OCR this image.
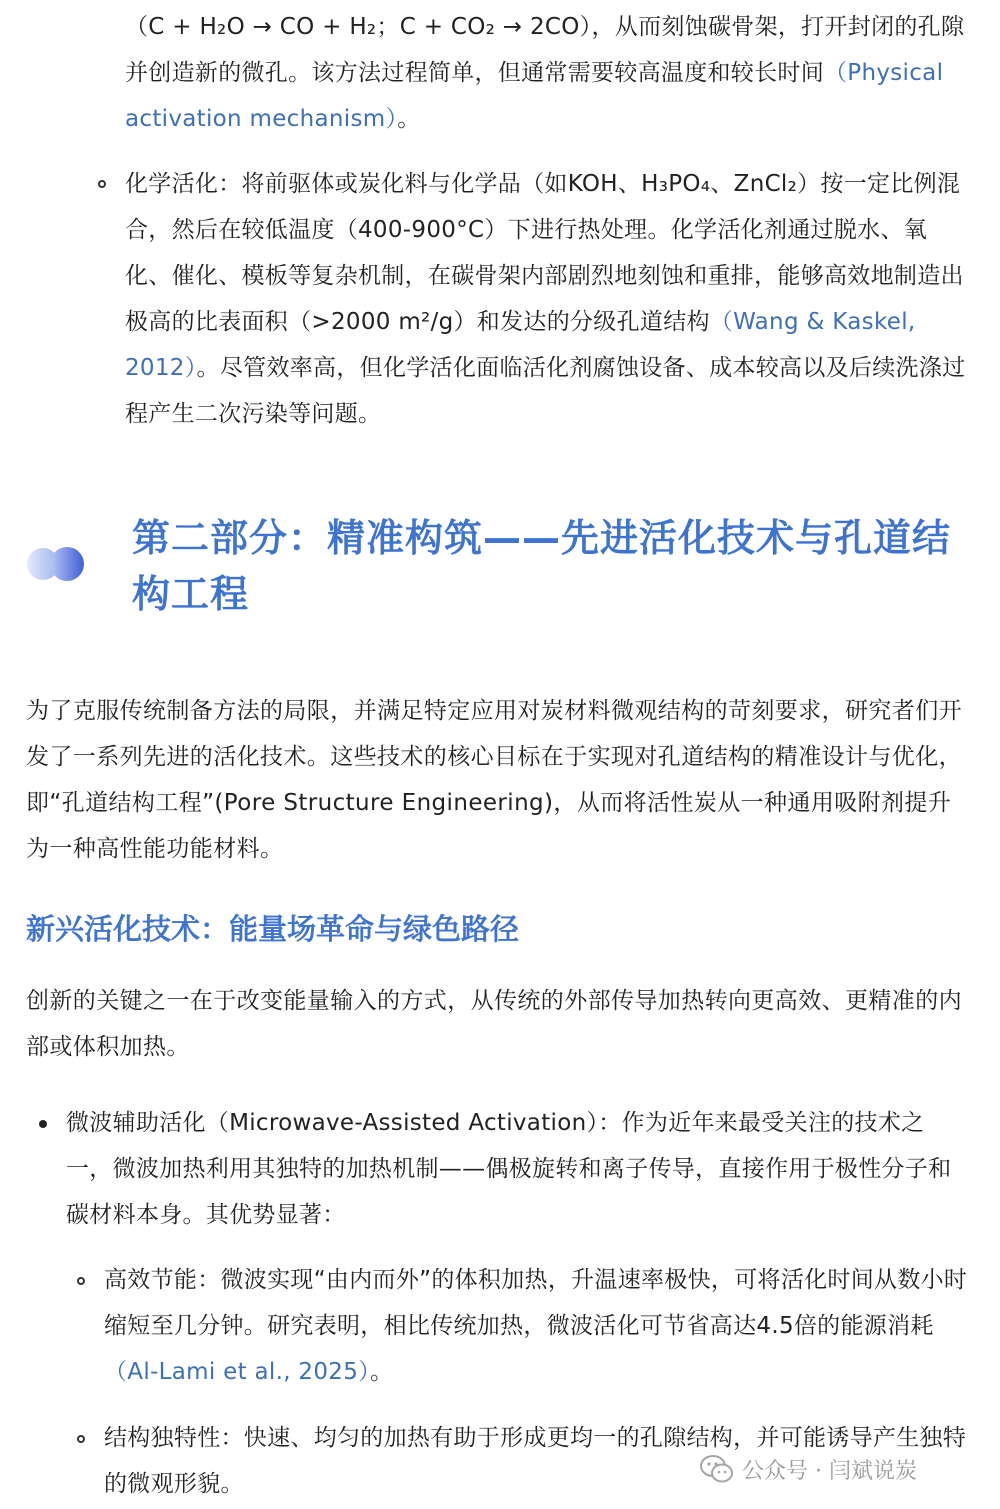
（C + H₂O → CO + H₂；C + CO₂ → 2CO），从而刻蚀碳骨架，打开封闭的孔隙并创造新的微孔。该方法过程简单，但通常需要较高温度和较长时间（Physical activation mechanism）。
化学活化：将前驱体或炭化料与化学品（如KOH、H₃PO₄、ZnCl₂）按一定比例混合，然后在较低温度（400-900°C）下进行热处理。化学活化剂通过脱水、氧化、催化、模板等复杂机制，在碳骨架内部剧烈地刻蚀和重排，能够高效地制造出极高的比表面积（>2000 m²/g）和发达的分级孔道结构（Wang & Kaskel, 2012）。尽管效率高，但化学活化面临活化剂腐蚀设备、成本较高以及后续洗涤过程产生二次污染等问题。
第二部分：精准构筑——先进活化技术与孔道结构工程
为了克服传统制备方法的局限，并满足特定应用对炭材料微观结构的苛刻要求，研究者们开发了一系列先进的活化技术。这些技术的核心目标在于实现对孔道结构的精准设计与优化，即“孔道结构工程”(Pore Structure Engineering)，从而将活性炭从一种通用吸附剂提升为一种高性能功能材料。
新兴活化技术：能量场革命与绿色路径
创新的关键之一在于改变能量输入的方式，从传统的外部传导加热转向更高效、更精准的内部或体积加热。
微波辅助活化（Microwave-Assisted Activation）：作为近年来最受关注的技术之一，微波加热利用其独特的加热机制——偶极旋转和离子传导，直接作用于极性分子和碳材料本身。其优势显著：
高效节能：微波实现“由内而外”的体积加热，升温速率极快，可将活化时间从数小时缩短至几分钟。研究表明，相比传统加热，微波活化可节省高达4.5倍的能源消耗（Al-Lami et al., 2025）。
结构独特性：快速、均匀的加热有助于形成更均一的孔隙结构，并可能诱导产生独特的微观形貌。	公众号 · 闫斌说炭
